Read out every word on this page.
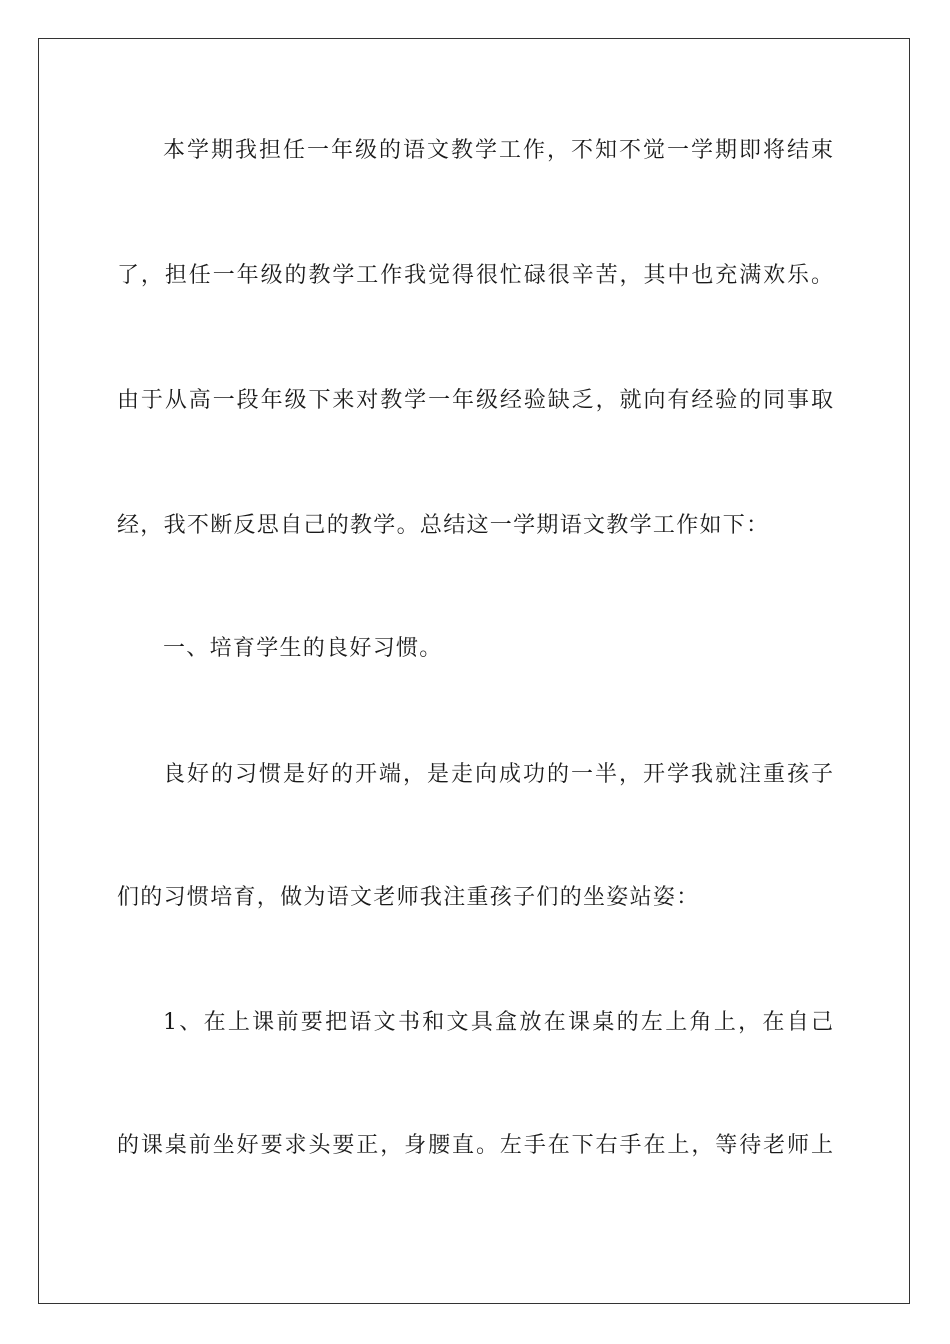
本学期我担任一年级的语文教学工作，不知不觉一学期即将结束
了，担任一年级的教学工作我觉得很忙碌很辛苦，其中也充满欢乐。
由于从高一段年级下来对教学一年级经验缺乏，就向有经验的同事取
经，我不断反思自己的教学。总结这一学期语文教学工作如下：
一、培育学生的良好习惯。
良好的习惯是好的开端，是走向成功的一半，开学我就注重孩子
们的习惯培育，做为语文老师我注重孩子们的坐姿站姿：
1、在上课前要把语文书和文具盒放在课桌的左上角上，在自己
的课桌前坐好要求头要正，身腰直。左手在下右手在上，等待老师上
